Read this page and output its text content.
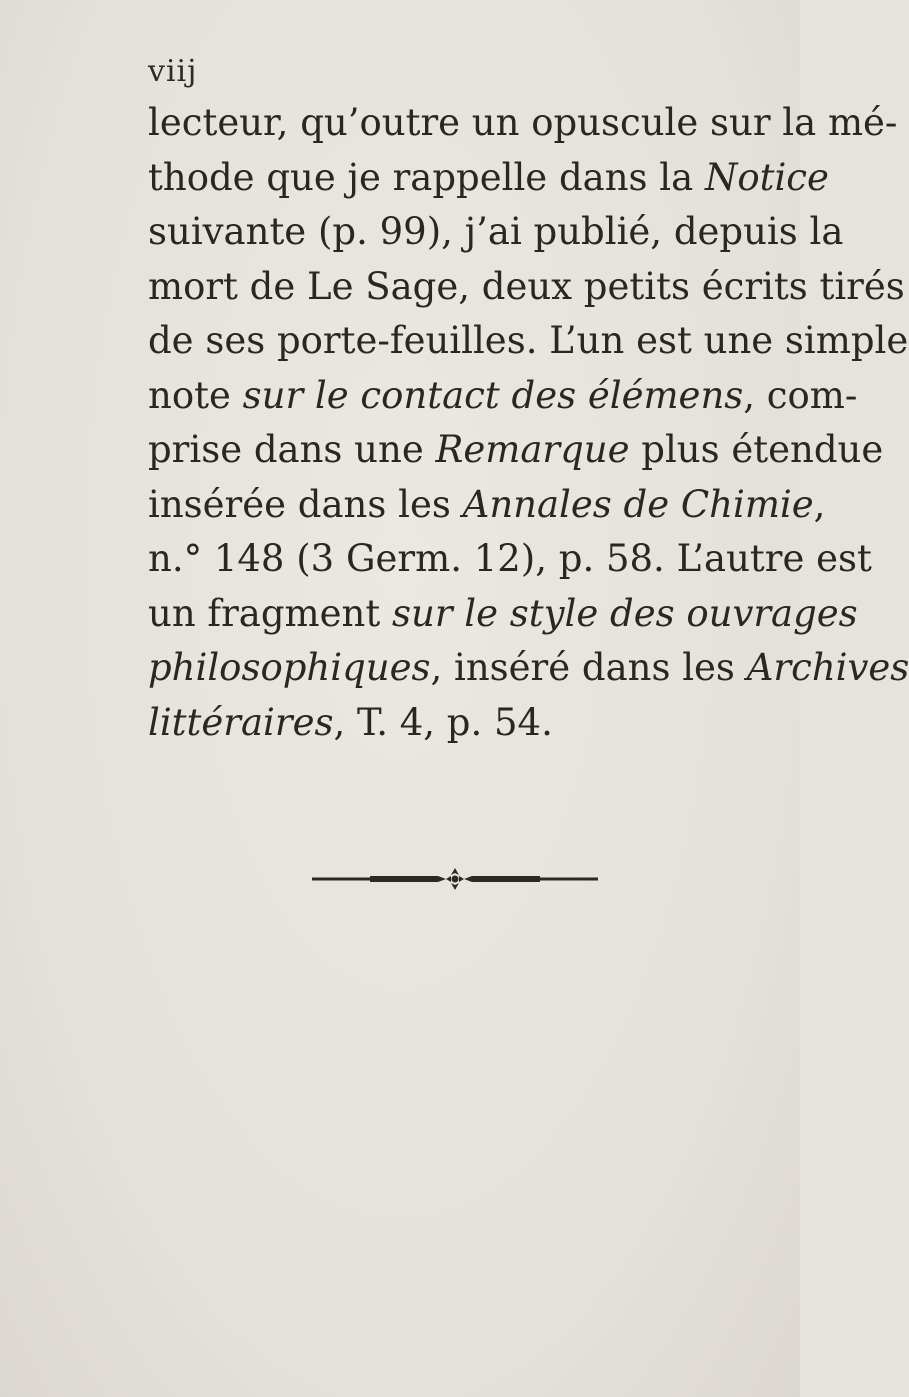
viij
lecteur, qu’outre un opuscule sur la mé-
thode que je rappelle dans la Notice
suivante (p. 99), j’ai publié, depuis la
mort de Le Sage, deux petits écrits tirés
de ses porte-feuilles. L’un est une simple
note sur le contact des élémens, com-
prise dans une Remarque plus étendue
insérée dans les Annales de Chimie,
n.° 148 (3 Germ. 12), p. 58. L’autre est
un fragment sur le style des ouvrages
philosophiques, inséré dans les Archives
littéraires, T. 4, p. 54.
